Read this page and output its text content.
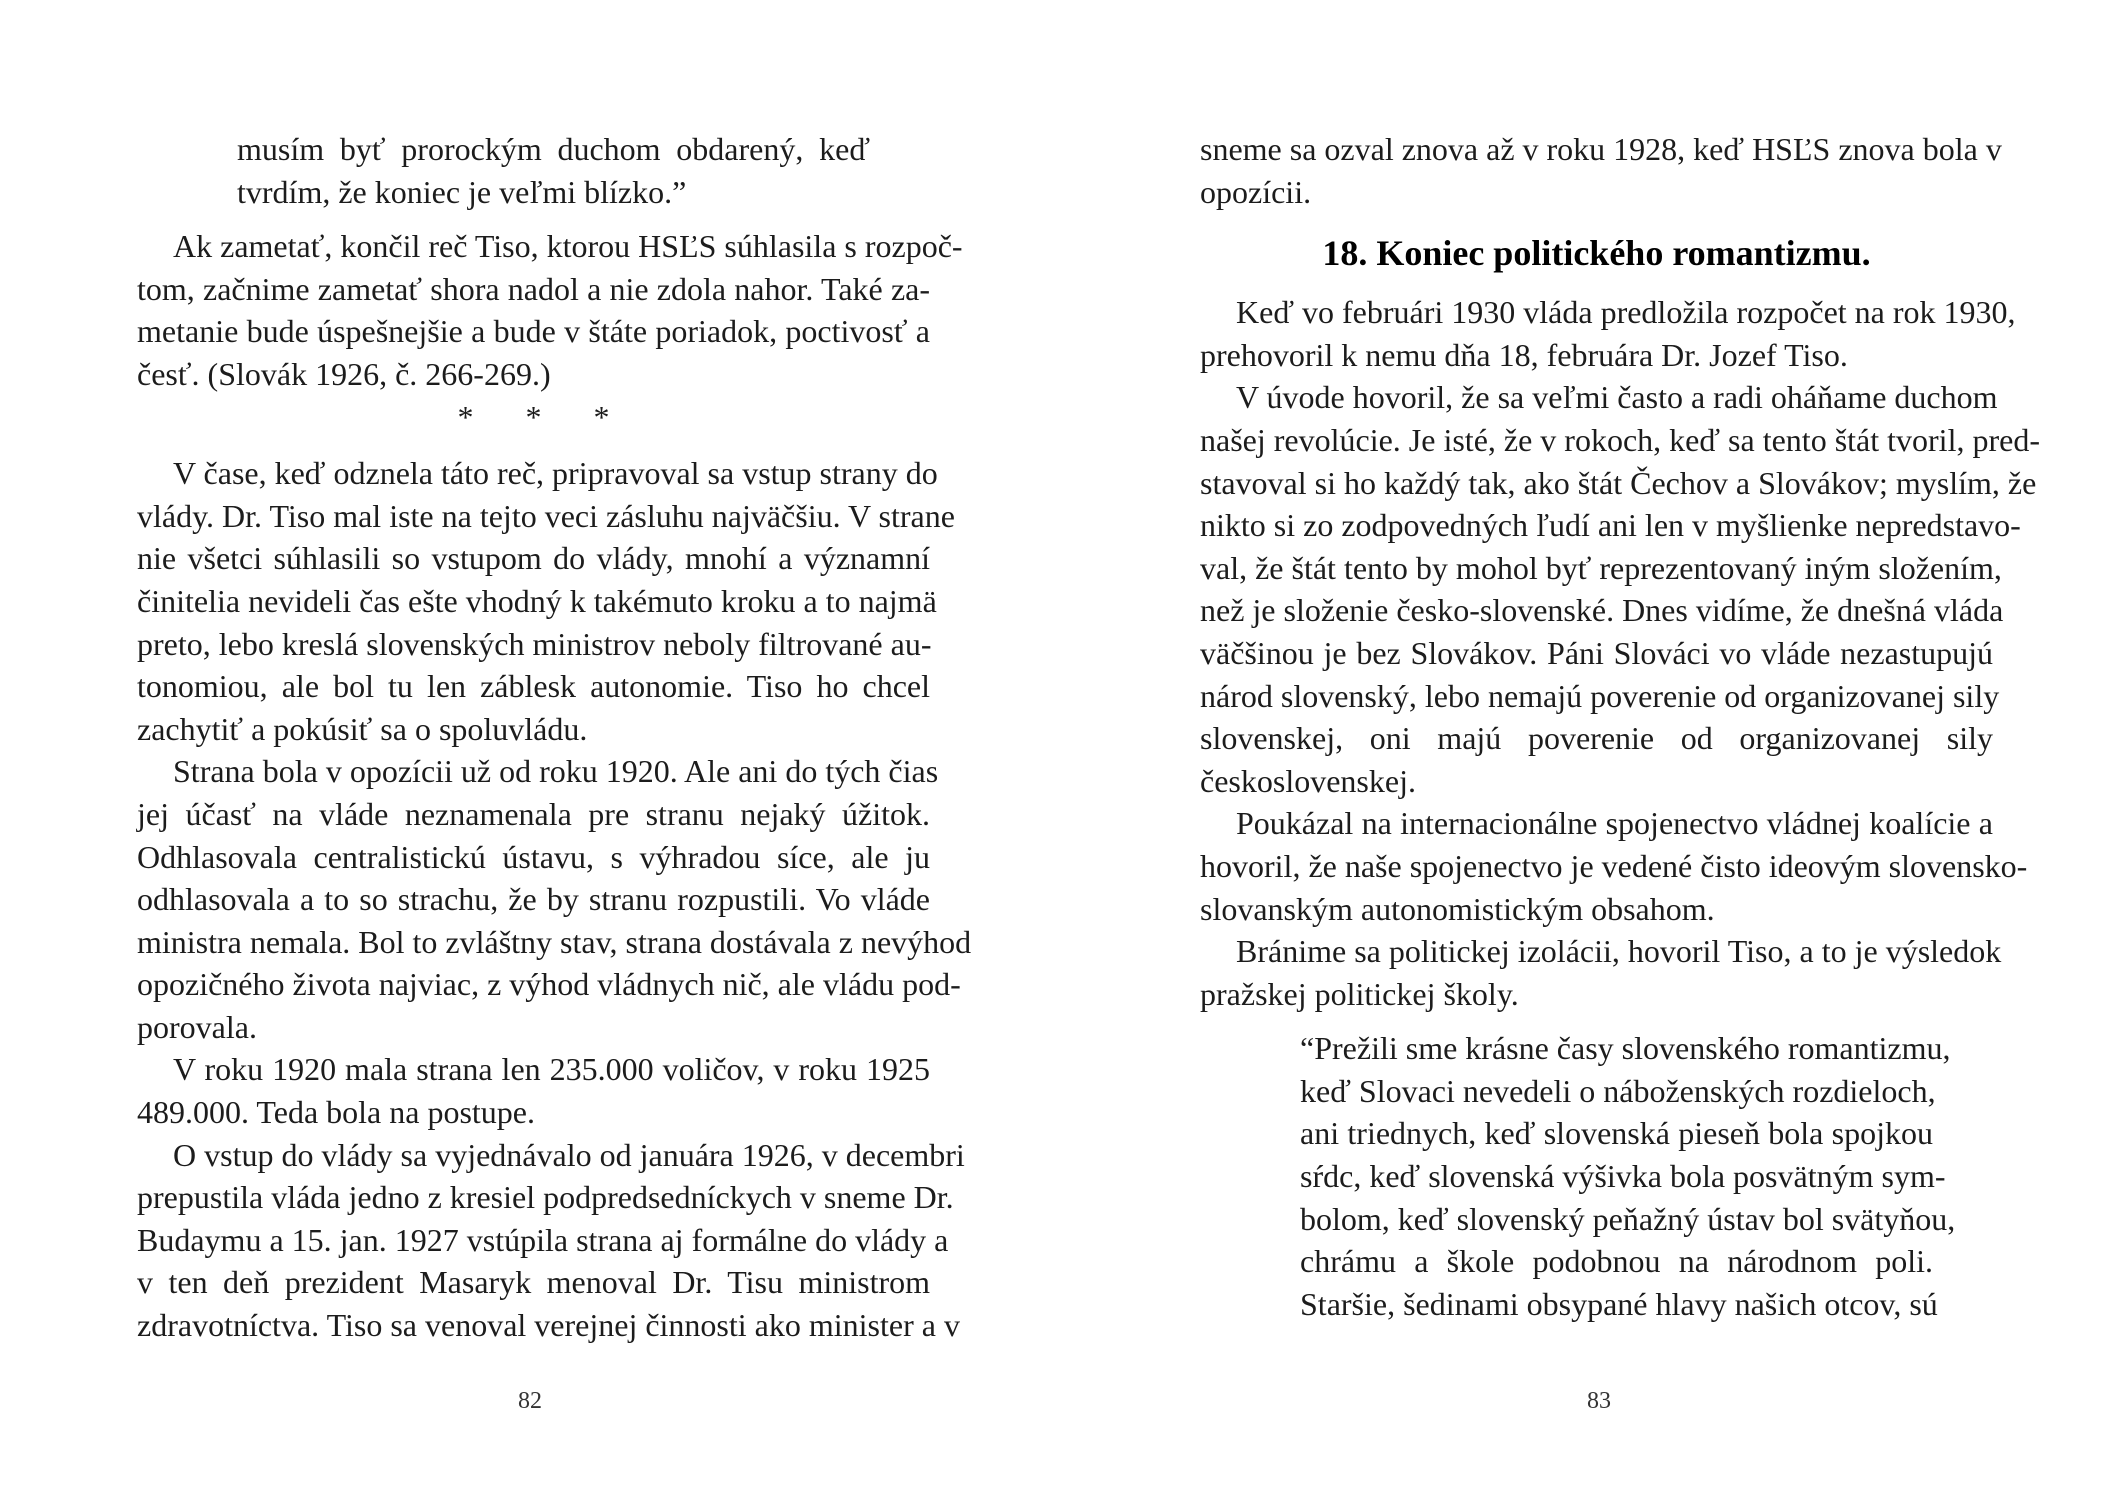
musím byť prorockým duchom obdarený, keď
tvrdím, že koniec je veľmi blízko.”
Ak zametať, končil reč Tiso, ktorou HSĽS súhlasila s rozpoč-
tom, začnime zametať shora nadol a nie zdola nahor. Také za-
metanie bude úspešnejšie a bude v štáte poriadok, poctivosť a
česť. (Slovák 1926, č. 266-269.)
* * *
V čase, keď odznela táto reč, pripravoval sa vstup strany do
vlády. Dr. Tiso mal iste na tejto veci zásluhu najväčšiu. V strane
nie všetci súhlasili so vstupom do vlády, mnohí a významní
činitelia nevideli čas ešte vhodný k takémuto kroku a to najmä
preto, lebo kreslá slovenských ministrov neboly filtrované au-
tonomiou, ale bol tu len záblesk autonomie. Tiso ho chcel
zachytiť a pokúsiť sa o spoluvládu.
Strana bola v opozícii už od roku 1920. Ale ani do tých čias
jej účasť na vláde neznamenala pre stranu nejaký úžitok.
Odhlasovala centralistickú ústavu, s výhradou síce, ale ju
odhlasovala a to so strachu, že by stranu rozpustili. Vo vláde
ministra nemala. Bol to zvláštny stav, strana dostávala z nevýhod
opozičného života najviac, z výhod vládnych nič, ale vládu pod-
porovala.
V roku 1920 mala strana len 235.000 voličov, v roku 1925
489.000. Teda bola na postupe.
O vstup do vlády sa vyjednávalo od januára 1926, v decembri
prepustila vláda jedno z kresiel podpredsedníckych v sneme Dr.
Budaymu a 15. jan. 1927 vstúpila strana aj formálne do vlády a
v ten deň prezident Masaryk menoval Dr. Tisu ministrom
zdravotníctva. Tiso sa venoval verejnej činnosti ako minister a v
82
sneme sa ozval znova až v roku 1928, keď HSĽS znova bola v
opozícii.
18. Koniec politického romantizmu.
Keď vo februári 1930 vláda predložila rozpočet na rok 1930,
prehovoril k nemu dňa 18, februára Dr. Jozef Tiso.
V úvode hovoril, že sa veľmi často a radi oháňame duchom
našej revolúcie. Je isté, že v rokoch, keď sa tento štát tvoril, pred-
stavoval si ho každý tak, ako štát Čechov a Slovákov; myslím, že
nikto si zo zodpovedných ľudí ani len v myšlienke nepredstavo-
val, že štát tento by mohol byť reprezentovaný iným složením,
než je složenie česko-slovenské. Dnes vidíme, že dnešná vláda
väčšinou je bez Slovákov. Páni Slováci vo vláde nezastupujú
národ slovenský, lebo nemajú poverenie od organizovanej sily
slovenskej, oni majú poverenie od organizovanej sily
československej.
Poukázal na internacionálne spojenectvo vládnej koalície a
hovoril, že naše spojenectvo je vedené čisto ideovým slovensko-
slovanským autonomistickým obsahom.
Bránime sa politickej izolácii, hovoril Tiso, a to je výsledok
pražskej politickej školy.
“Prežili sme krásne časy slovenského romantizmu,
keď Slovaci nevedeli o náboženských rozdieloch,
ani triednych, keď slovenská pieseň bola spojkou
sŕdc, keď slovenská výšivka bola posvätným sym-
bolom, keď slovenský peňažný ústav bol svätyňou,
chrámu a škole podobnou na národnom poli.
Staršie, šedinami obsypané hlavy našich otcov, sú
83
